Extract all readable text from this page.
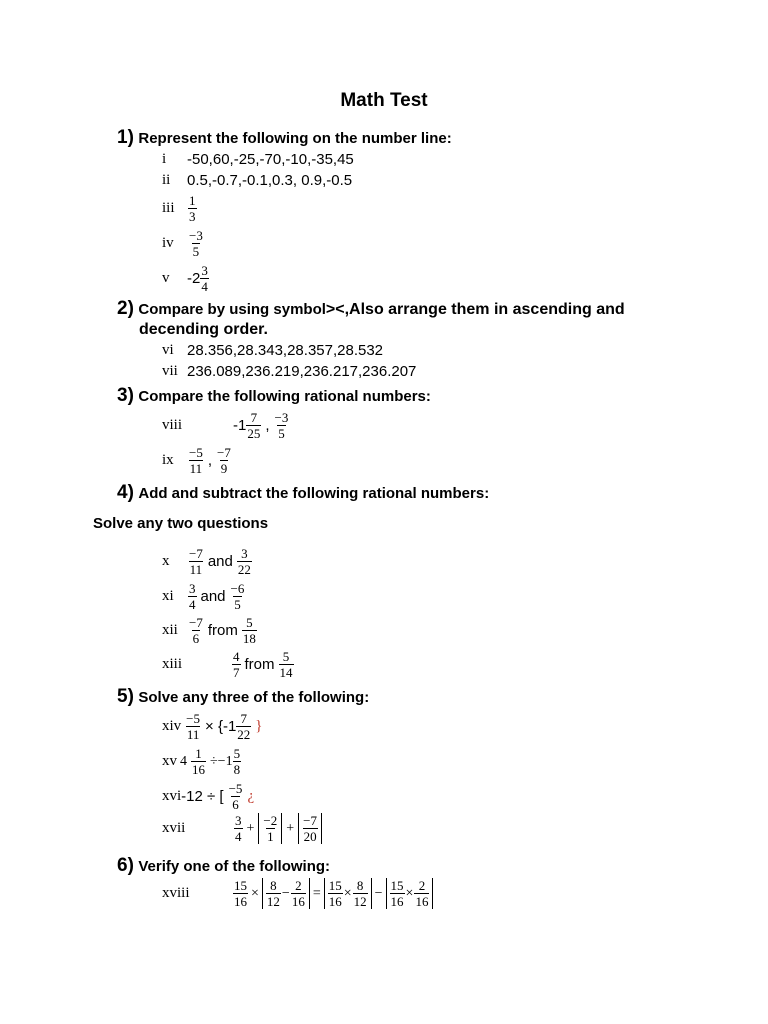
Math Test
1) Represent the following on the number line:
i	-50,60,-25,-70,-10,-35,45
ii	0.5,-0.7,-0.1,0.3, 0.9,-0.5
iii	$\frac{1}{3}$
iv	$\frac{-3}{5}$
v	$-2 \frac{3}{4}$
2) Compare by using symbol><,Also arrange them in ascending and
decending order.
vi 28.356,28.343,28.357,28.532
vii 236.089,236.219,236.217,236.207
3) Compare the following rational numbers:
viii	$-1 \frac{7}{25}$ , $\frac{-3}{5}$
ix	$\frac{-5}{11}$ , $\frac{-7}{9}$
4) Add and subtract the following rational numbers:
Solve any two questions
x	$\frac{-7}{11}$ and $\frac{3}{22}$
xi	$\frac{3}{4}$ and $\frac{-6}{5}$
xii $\frac{-7}{6}$ from $\frac{5}{18}$
xiii	$\frac{4}{7}$ from $\frac{5}{14}$
5) Solve any three of the following:
xiv $\frac{-5}{11} \times \{-1 \frac{7}{22}$ }
xv $4 \frac{1}{16} \div-1 \frac{5}{8}$
xvi -12 ÷ [ $\frac{-5}{6}$ ¿
xvii	$\frac{3}{4} + \frac{-2}{1} + \frac{-7}{20}$
6) Verify one of the following:
xviii	$\frac{15}{16} \times \frac{8}{12} - \frac{2}{16} = \frac{15}{16} \times \frac{8}{12} - \frac{15}{16} \times \frac{2}{16}$
